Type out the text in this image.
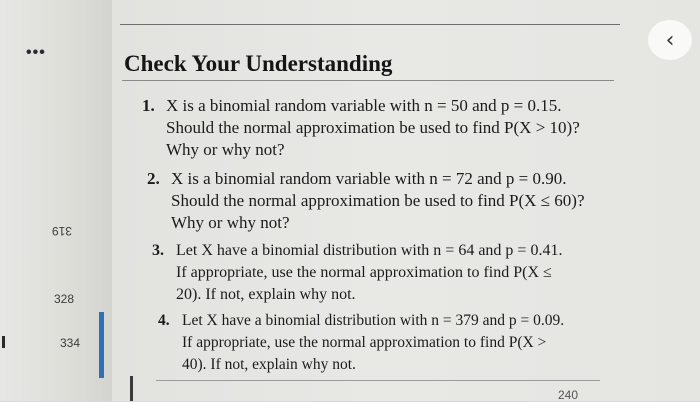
•••	‹
Check Your Understanding
319
328
334
1. X is a binomial random variable with n = 50 and p = 0.15.
Should the normal approximation be used to find P(X > 10)?
Why or why not?
2. X is a binomial random variable with n = 72 and p = 0.90.
Should the normal approximation be used to find P(X ≤ 60)?
Why or why not?
3. Let X have a binomial distribution with n = 64 and p = 0.41.
If appropriate, use the normal approximation to find P(X ≤
20). If not, explain why not.
4. Let X have a binomial distribution with n = 379 and p = 0.09.
If appropriate, use the normal approximation to find P(X >
40). If not, explain why not.
240
